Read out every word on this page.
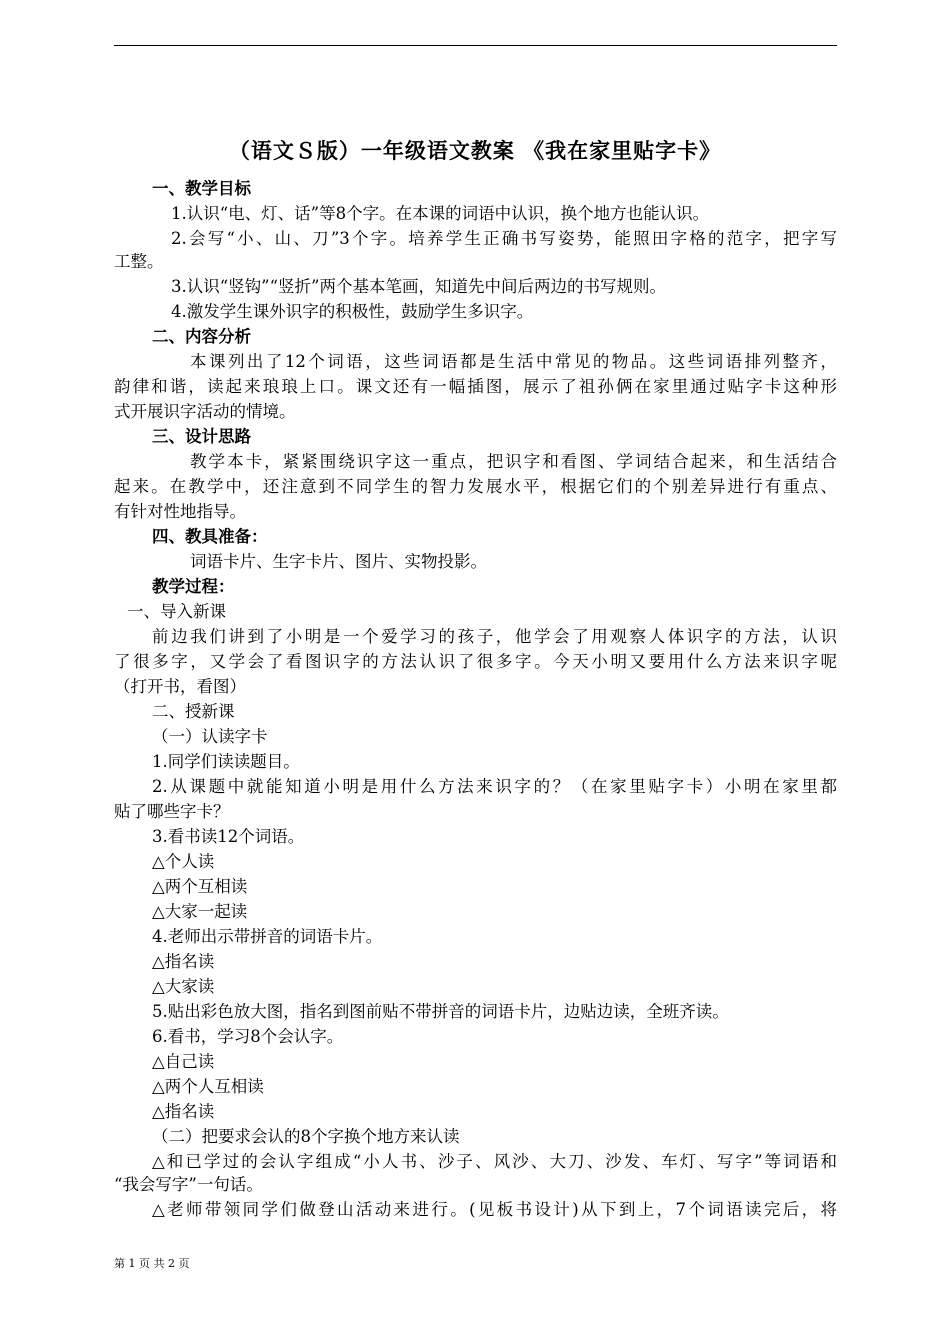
（语文Ｓ版）一年级语文教案 《我在家里贴字卡》
一、教学目标
1.认识“电、灯、话”等8个字。在本课的词语中认识，换个地方也能认识。
2.会写“小、山、刀”3个字。培养学生正确书写姿势，能照田字格的范字，把字写
工整。
3.认识“竖钩”“竖折”两个基本笔画，知道先中间后两边的书写规则。
4.激发学生课外识字的积极性，鼓励学生多识字。
二、内容分析
本课列出了12个词语，这些词语都是生活中常见的物品。这些词语排列整齐，
韵律和谐，读起来琅琅上口。课文还有一幅插图，展示了祖孙俩在家里通过贴字卡这种形
式开展识字活动的情境。
三、设计思路
教学本卡，紧紧围绕识字这一重点，把识字和看图、学词结合起来，和生活结合
起来。在教学中，还注意到不同学生的智力发展水平，根据它们的个别差异进行有重点、
有针对性地指导。
四、教具准备：
词语卡片、生字卡片、图片、实物投影。
教学过程：
一、导入新课
前边我们讲到了小明是一个爱学习的孩子，他学会了用观察人体识字的方法，认识
了很多字，又学会了看图识字的方法认识了很多字。今天小明又要用什么方法来识字呢
（打开书，看图）
二、授新课
（一）认读字卡
1.同学们读读题目。
2.从课题中就能知道小明是用什么方法来识字的？（在家里贴字卡）小明在家里都
贴了哪些字卡？
3.看书读12个词语。
△个人读
△两个互相读
△大家一起读
4.老师出示带拼音的词语卡片。
△指名读
△大家读
5.贴出彩色放大图，指名到图前贴不带拼音的词语卡片，边贴边读，全班齐读。
6.看书，学习8个会认字。
△自己读
△两个人互相读
△指名读
（二）把要求会认的8个字换个地方来认读
△和已学过的会认字组成“小人书、沙子、风沙、大刀、沙发、车灯、写字”等词语和
“我会写字”一句话。
△老师带领同学们做登山活动来进行。(见板书设计)从下到上，7个词语读完后，将
第 1 页 共 2 页
